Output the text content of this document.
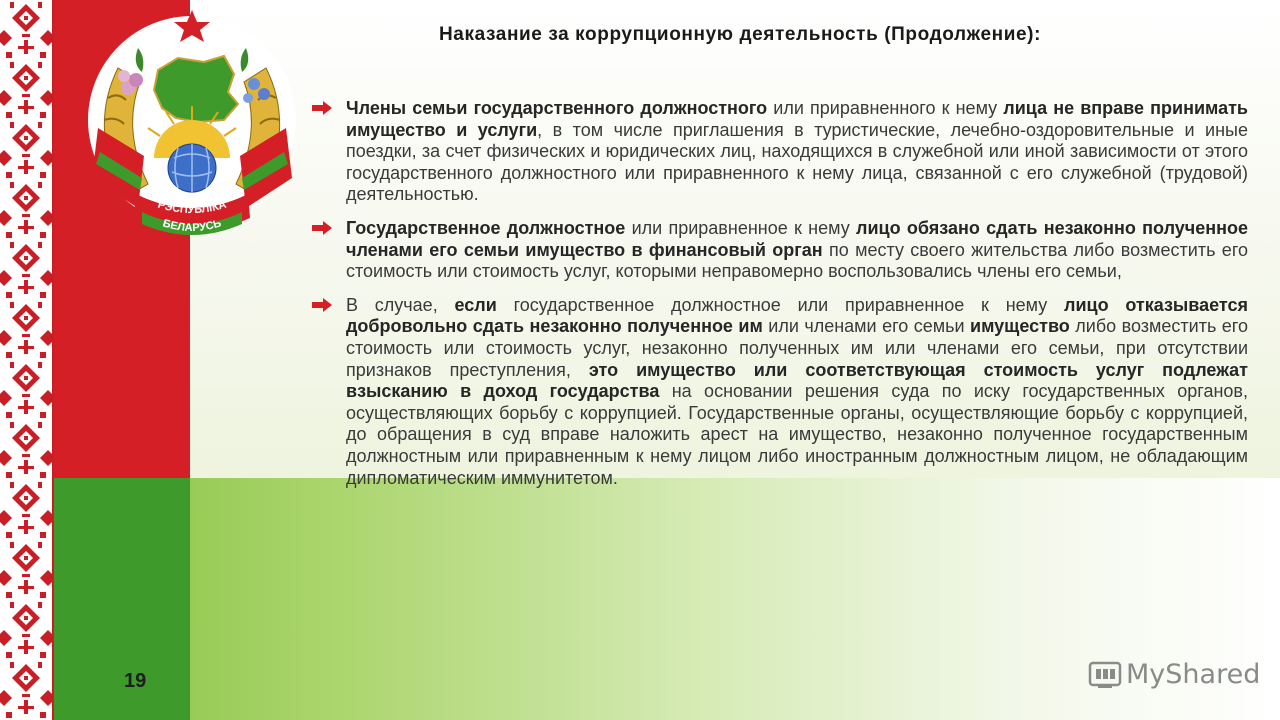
РЭСПУБЛІКА
БЕЛАРУСЬ
Наказание за коррупционную деятельность (Продолжение):
Члены семьи государственного должностного или приравненного к нему лица не вправе принимать имущество и услуги, в том числе приглашения в туристические, лечебно-оздоровительные и иные поездки, за счет физических и юридических лиц, находящихся в служебной или иной зависимости от этого государственного должностного или приравненного к нему лица, связанной с его служебной (трудовой) деятельностью.
Государственное должностное или приравненное к нему лицо обязано сдать незаконно полученное членами его семьи имущество в финансовый орган по месту своего жительства либо возместить его стоимость или стоимость услуг, которыми неправомерно воспользовались члены его семьи,
В случае, если государственное должностное или приравненное к нему лицо отказывается добровольно сдать незаконно полученное им или членами его семьи имущество либо возместить его стоимость или стоимость услуг, незаконно полученных им или членами его семьи, при отсутствии признаков преступления, это имущество или соответствующая стоимость услуг подлежат взысканию в доход государства на основании решения суда по иску государственных органов, осуществляющих борьбу с коррупцией. Государственные органы, осуществляющие борьбу с коррупцией, до обращения в суд вправе наложить арест на имущество, незаконно полученное государственным должностным или приравненным к нему лицом либо иностранным должностным лицом, не обладающим дипломатическим иммунитетом.
19	MyShared
